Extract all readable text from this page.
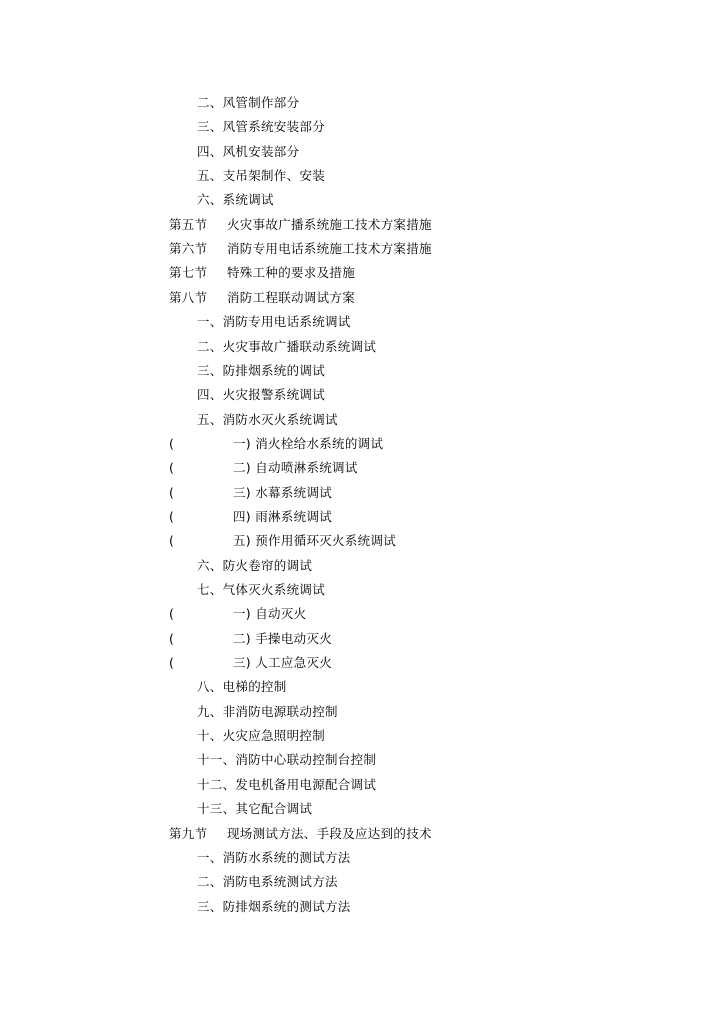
二、风管制作部分
三、风管系统安装部分
四、风机安装部分
五、支吊架制作、安装
六、系统调试
第五节 火灾事故广播系统施工技术方案措施
第六节 消防专用电话系统施工技术方案措施
第七节 特殊工种的要求及措施
第八节 消防工程联动调试方案
一、消防专用电话系统调试
二、火灾事故广播联动系统调试
三、防排烟系统的调试
四、火灾报警系统调试
五、消防水灭火系统调试
(	一) 消火栓给水系统的调试
(	二) 自动喷淋系统调试
(	三) 水幕系统调试
(	四) 雨淋系统调试
(	五) 预作用循环灭火系统调试
六、防火卷帘的调试
七、气体灭火系统调试
(	一) 自动灭火
(	二) 手操电动灭火
(	三) 人工应急灭火
八、电梯的控制
九、非消防电源联动控制
十、火灾应急照明控制
十一、消防中心联动控制台控制
十二、发电机备用电源配合调试
十三、其它配合调试
第九节 现场测试方法、手段及应达到的技术
一、消防水系统的测试方法
二、消防电系统测试方法
三、防排烟系统的测试方法
